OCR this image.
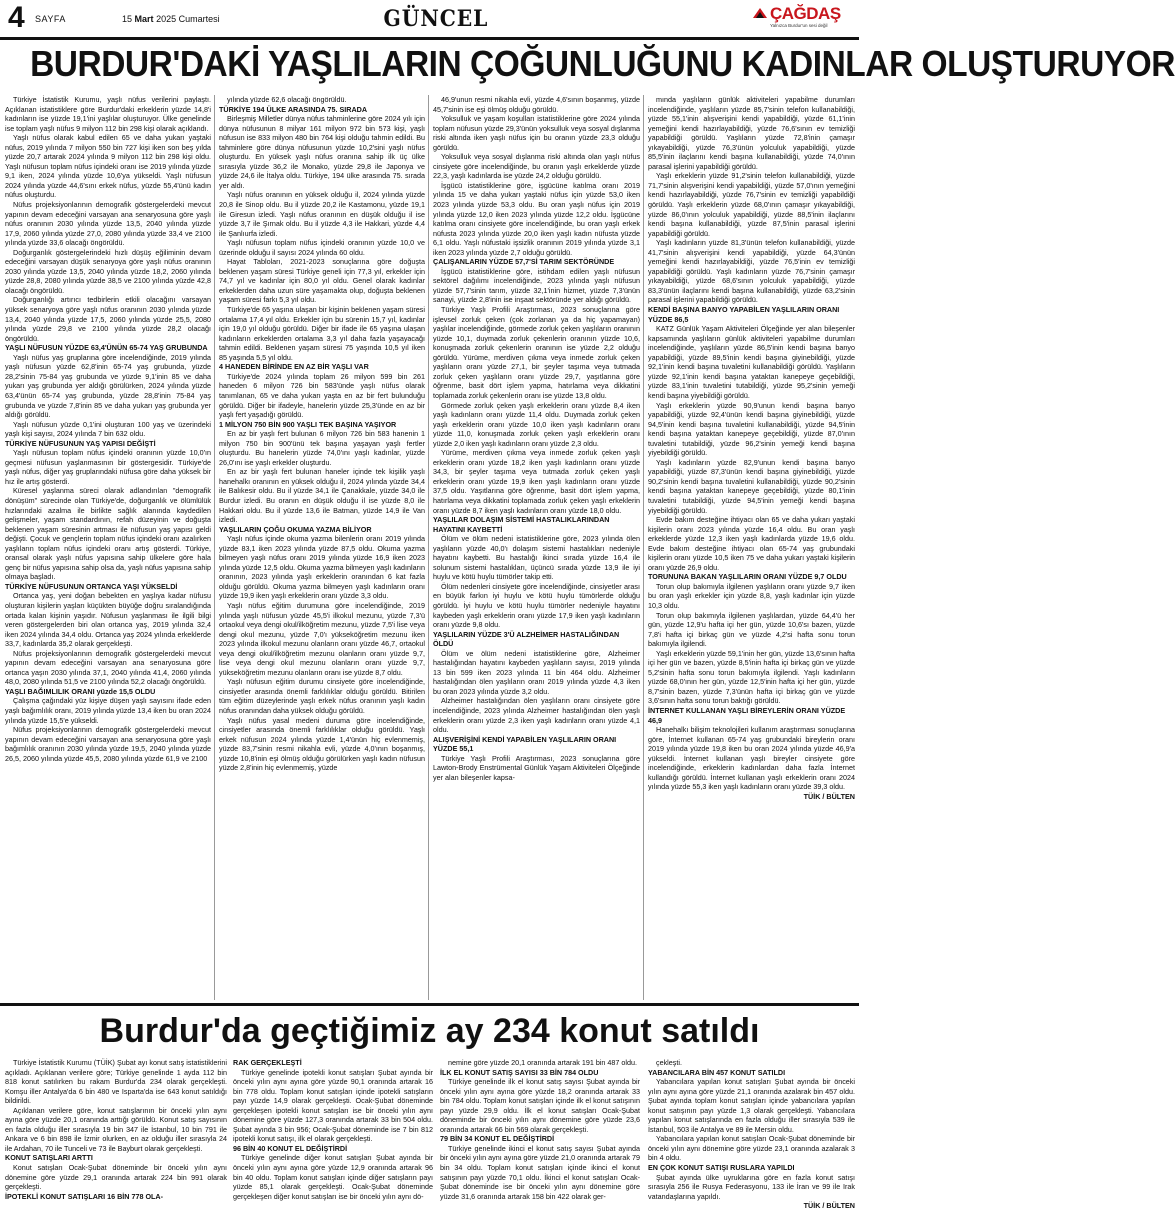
4 SAYFA	15 Mart 2025 Cumartesi	GÜNCEL	ÇAĞDAŞ
Yalnızca Burdur'un sesi değil
BURDUR'DAKİ YAŞLILARIN ÇOĞUNLUĞUNU KADINLAR OLUŞTURUYOR

Türkiye İstatistik Kurumu, yaşlı nüfus verilerini paylaştı. Açıklanan istatistiklere göre Burdur'daki erkeklerin yüzde 14,8'i kadınların ise yüzde 19,1'ini yaşlılar oluşturuyor. Ülke genelinde ise toplam yaşlı nüfus 9 milyon 112 bin 298 kişi olarak açıklandı.

Yaşlı nüfus olarak kabul edilen 65 ve daha yukarı yaştaki nüfus, 2019 yılında 7 milyon 550 bin 727 kişi iken son beş yılda yüzde 20,7 artarak 2024 yılında 9 milyon 112 bin 298 kişi oldu. Yaşlı nüfusun toplam nüfus içindeki oranı ise 2019 yılında yüzde 9,1 iken, 2024 yılında yüzde 10,6'ya yükseldi. Yaşlı nüfusun 2024 yılında yüzde 44,6'sını erkek nüfus, yüzde 55,4'ünü kadın nüfus oluşturdu.

Nüfus projeksiyonlarının demografik göstergelerdeki mevcut yapının devam edeceğini varsayan ana senaryosuna göre yaşlı nüfus oranının 2030 yılında yüzde 13,5, 2040 yılında yüzde 17,9, 2060 yılında yüzde 27,0, 2080 yılında yüzde 33,4 ve 2100 yılında yüzde 33,6 olacağı öngörüldü.

Doğurganlık göstergelerindeki hızlı düşüş eğiliminin devam edeceğini varsayan düşük senaryoya göre yaşlı nüfus oranının 2030 yılında yüzde 13,5, 2040 yılında yüzde 18,2, 2060 yılında yüzde 28,8, 2080 yılında yüzde 38,5 ve 2100 yılında yüzde 42,8 olacağı öngörüldü.

Doğurganlığı artırıcı tedbirlerin etkili olacağını varsayan yüksek senaryoya göre yaşlı nüfus oranının 2030 yılında yüzde 13,4, 2040 yılında yüzde 17,5, 2060 yılında yüzde 25,5, 2080 yılında yüzde 29,8 ve 2100 yılında yüzde 28,2 olacağı öngörüldü.

YAŞLI NÜFUSUN YÜZDE 63,4'ÜNÜN 65-74 YAŞ GRUBUNDA

Yaşlı nüfus yaş gruplarına göre incelendiğinde, 2019 yılında yaşlı nüfusun yüzde 62,8'inin 65-74 yaş grubunda, yüzde 28,2'sinin 75-84 yaş grubunda ve yüzde 9,1'inin 85 ve daha yukarı yaş grubunda yer aldığı görülürken, 2024 yılında yüzde 63,4'ünün 65-74 yaş grubunda, yüzde 28,8'inin 75-84 yaş grubunda ve yüzde 7,8'inin 85 ve daha yukarı yaş grubunda yer aldığı görüldü.

Yaşlı nüfusun yüzde 0,1'ini oluşturan 100 yaş ve üzerindeki yaşlı kişi sayısı, 2024 yılında 7 bin 632 oldu.

TÜRKİYE NÜFUSUNUN YAŞ YAPISI DEĞİŞTİ

Yaşlı nüfusun toplam nüfus içindeki oranının yüzde 10,0'ın geçmesi nüfusun yaşlanmasının bir göstergesidir. Türkiye'de yaşlı nüfus, diğer yaş gruplarındaki nüfusa göre daha yüksek bir hız ile artış gösterdi.

Küresel yaşlanma süreci olarak adlandırılan "demografik dönüşüm" sürecinde olan Türkiye'de, doğurganlık ve ölümlülük hızlarındaki azalma ile birlikte sağlık alanında kaydedilen gelişmeler, yaşam standardının, refah düzeyinin ve doğuşta beklenen yaşam süresinin artması ile nüfusun yaş yapısı geldi değişti. Çocuk ve gençlerin toplam nüfus içindeki oranı azalırken yaşlıların toplam nüfus içindeki oranı artış gösterdi. Türkiye, oransal olarak yaşlı nüfus yapısına sahip ülkelere göre hala genç bir nüfus yapısına sahip olsa da, yaşlı nüfus yapısına sahip olmaya başladı.

TÜRKİYE NÜFUSUNUN ORTANCA YAŞI YÜKSELDİ

Ortanca yaş, yeni doğan bebekten en yaşlıya kadar nüfusu oluşturan kişilerin yaşları küçükten büyüğe doğru sıralandığında ortada kalan kişinin yaşıdır. Nüfusun yaşlanması ile ilgili bilgi veren göstergelerden biri olan ortanca yaş, 2019 yılında 32,4 iken 2024 yılında 34,4 oldu. Ortanca yaş 2024 yılında erkeklerde 33,7, kadınlarda 35,2 olarak gerçekleşti.

Nüfus projeksiyonlarının demografik göstergelerdeki mevcut yapının devam edeceğini varsayan ana senaryosuna göre ortanca yaşın 2030 yılında 37,1, 2040 yılında 41,4, 2060 yılında 48,0, 2080 yılında 51,5 ve 2100 yılında 52,2 olacağı öngörüldü.

YAŞLI BAĞIMLILIK ORANI yüzde 15,5 OLDU

Çalışma çağındaki yüz kişiye düşen yaşlı sayısını ifade eden yaşlı bağımlılık oranı, 2019 yılında yüzde 13,4 iken bu oran 2024 yılında yüzde 15,5'e yükseldi.

Nüfus projeksiyonlarının demografik göstergelerdeki mevcut yapının devam edeceğini varsayan ana senaryosuna göre yaşlı bağımlılık oranının 2030 yılında yüzde 19,5, 2040 yılında yüzde 26,5, 2060 yılında yüzde 45,5, 2080 yılında yüzde 61,9 ve 2100

yılında yüzde 62,6 olacağı öngörüldü.

TÜRKİYE 194 ÜLKE ARASINDA 75. SIRADA

Birleşmiş Milletler dünya nüfus tahminlerine göre 2024 yılı için dünya nüfusunun 8 milyar 161 milyon 972 bin 573 kişi, yaşlı nüfusun ise 833 milyon 480 bin 764 kişi olduğu tahmin edildi. Bu tahminlere göre dünya nüfusunun yüzde 10,2'sini yaşlı nüfus oluşturdu. En yüksek yaşlı nüfus oranına sahip ilk üç ülke sırasıyla yüzde 36,2 ile Monako, yüzde 29,8 ile Japonya ve yüzde 24,6 ile İtalya oldu. Türkiye, 194 ülke arasında 75. sırada yer aldı.

Yaşlı nüfus oranının en yüksek olduğu il, 2024 yılında yüzde 20,8 ile Sinop oldu. Bu il yüzde 20,2 ile Kastamonu, yüzde 19,1 ile Giresun izledi. Yaşlı nüfus oranının en düşük olduğu il ise yüzde 3,7 ile Şırnak oldu. Bu il yüzde 4,3 ile Hakkari, yüzde 4,4 ile Şanlıurfa izledi.

Yaşlı nüfusun toplam nüfus içindeki oranının yüzde 10,0 ve üzerinde olduğu il sayısı 2024 yılında 60 oldu.

Hayat Tabloları, 2021-2023 sonuçlarına göre doğuşta beklenen yaşam süresi Türkiye geneli için 77,3 yıl, erkekler için 74,7 yıl ve kadınlar için 80,0 yıl oldu. Genel olarak kadınlar erkeklerden daha uzun süre yaşamakta olup, doğuşta beklenen yaşam süresi farkı 5,3 yıl oldu.

Türkiye'de 65 yaşına ulaşan bir kişinin beklenen yaşam süresi ortalama 17,4 yıl oldu. Erkekler için bu sürenin 15,7 yıl, kadınlar için 19,0 yıl olduğu görüldü. Diğer bir ifade ile 65 yaşına ulaşan kadınların erkeklerden ortalama 3,3 yıl daha fazla yaşayacağı tahmin edildi. Beklenen yaşam süresi 75 yaşında 10,5 yıl iken 85 yaşında 5,5 yıl oldu.

4 HANEDEN BİRİNDE EN AZ BİR YAŞLI VAR

Türkiye'de 2024 yılında toplam 26 milyon 599 bin 261 haneden 6 milyon 726 bin 583'ünde yaşlı nüfus olarak tanımlanan, 65 ve daha yukarı yaşta en az bir fert bulunduğu görüldü. Diğer bir ifadeyle, hanelerin yüzde 25,3'ünde en az bir yaşlı fert yaşadığı görüldü.

1 MİLYON 750 BİN 900 YAŞLI TEK BAŞINA YAŞIYOR

En az bir yaşlı fert bulunan 6 milyon 726 bin 583 hanenin 1 milyon 750 bin 900'ünü tek başına yaşayan yaşlı fertler oluşturdu. Bu hanelerin yüzde 74,0'ını yaşlı kadınlar, yüzde 26,0'ını ise yaşlı erkekler oluşturdu.

En az bir yaşlı fert bulunan haneler içinde tek kişilik yaşlı hanehalkı oranının en yüksek olduğu il, 2024 yılında yüzde 34,4 ile Balıkesir oldu. Bu il yüzde 34,1 ile Çanakkale, yüzde 34,0 ile Burdur izledi. Bu oranın en düşük olduğu il ise yüzde 8,0 ile Hakkari oldu. Bu il yüzde 13,6 ile Batman, yüzde 14,9 ile Van izledi.

YAŞLILARIN ÇOĞU OKUMA YAZMA BİLİYOR

Yaşlı nüfus içinde okuma yazma bilenlerin oranı 2019 yılında yüzde 83,1 iken 2023 yılında yüzde 87,5 oldu. Okuma yazma bilmeyen yaşlı nüfus oranı 2019 yılında yüzde 16,9 iken 2023 yılında yüzde 12,5 oldu. Okuma yazma bilmeyen yaşlı kadınların oranının, 2023 yılında yaşlı erkeklerin oranından 6 kat fazla olduğu görüldü. Okuma yazma bilmeyen yaşlı kadınların oranı yüzde 19,9 iken yaşlı erkeklerin oranı yüzde 3,3 oldu.

Yaşlı nüfus eğitim durumuna göre incelendiğinde, 2019 yılında yaşlı nüfusun yüzde 45,5'i ilkokul mezunu, yüzde 7,3'ü ortaokul veya dengi okul/ilköğretim mezunu, yüzde 7,5'i lise veya dengi okul mezunu, yüzde 7,0'ı yükseköğretim mezunu iken 2023 yılında ilkokul mezunu olanların oranı yüzde 46,7, ortaokul veya dengi okul/ilköğretim mezunu olanların oranı yüzde 9,7, lise veya dengi okul mezunu olanların oranı yüzde 9,7, yükseköğretim mezunu olanların oranı ise yüzde 8,7 oldu.

Yaşlı nüfusun eğitim durumu cinsiyete göre incelendiğinde, cinsiyetler arasında önemli farklılıklar olduğu görüldü. Bitirilen tüm eğitim düzeylerinde yaşlı erkek nüfus oranının yaşlı kadın nüfus oranından daha yüksek olduğu görüldü.

Yaşlı nüfus yasal medeni duruma göre incelendiğinde, cinsiyetler arasında önemli farklılıklar olduğu görüldü. Yaşlı erkek nüfusun 2024 yılında yüzde 1,4'ünün hiç evlenmemiş, yüzde 83,7'sinin resmi nikahla evli, yüzde 4,0'ının boşanmış, yüzde 10,8'inin eşi ölmüş olduğu görülürken yaşlı kadın nüfusun yüzde 2,8'inin hiç evlenmemiş, yüzde

46,9'unun resmi nikahla evli, yüzde 4,6'sının boşanmış, yüzde 45,7'sinin ise eşi ölmüş olduğu görüldü.

Yoksulluk ve yaşam koşulları istatistiklerine göre 2024 yılında toplam nüfusun yüzde 29,3'ünün yoksulluk veya sosyal dışlanma riski altında iken yaşlı nüfus için bu oranın yüzde 23,3 olduğu görüldü.

Yoksulluk veya sosyal dışlanma riski altında olan yaşlı nüfus cinsiyete göre incelendiğinde, bu oranın yaşlı erkeklerde yüzde 22,3, yaşlı kadınlarda ise yüzde 24,2 olduğu görüldü.

İşgücü istatistiklerine göre, işgücüne katılma oranı 2019 yılında 15 ve daha yukarı yaştaki nüfus için yüzde 53,0 iken 2023 yılında yüzde 53,3 oldu. Bu oran yaşlı nüfus için 2019 yılında yüzde 12,0 iken 2023 yılında yüzde 12,2 oldu. İşgücüne katılma oranı cinsiyete göre incelendiğinde, bu oran yaşlı erkek nüfusta 2023 yılında yüzde 20,0 iken yaşlı kadın nüfusta yüzde 6,1 oldu. Yaşlı nüfustaki işsizlik oranının 2019 yılında yüzde 3,1 iken 2023 yılında yüzde 2,7 olduğu görüldü.

ÇALIŞANLARIN YÜZDE 57,7'Sİ TARIM SEKTÖRÜNDE

İşgücü istatistiklerine göre, istihdam edilen yaşlı nüfusun sektörel dağılımı incelendiğinde, 2023 yılında yaşlı nüfusun yüzde 57,7'sinin tarım, yüzde 32,1'inin hizmet, yüzde 7,3'ünün sanayi, yüzde 2,8'inin ise inşaat sektöründe yer aldığı görüldü.

Türkiye Yaşlı Profili Araştırması, 2023 sonuçlarına göre işlevsel zorluk çeken (çok zorlanan ya da hiç yapamayan) yaşlılar incelendiğinde, görmede zorluk çeken yaşlıların oranının yüzde 10,1, duymada zorluk çekenlerin oranının yüzde 10,6, konuşmada zorluk çekenlerin oranının ise yüzde 2,2 olduğu görüldü. Yürüme, merdiven çıkma veya inmede zorluk çeken yaşlıların oranı yüzde 27,1, bir şeyler taşıma veya tutmada zorluk çeken yaşlıların oranı yüzde 29,7, yaşıtlarına göre öğrenme, basit dört işlem yapma, hatırlama veya dikkatini toplamada zorluk çekenlerin oranı ise yüzde 13,8 oldu.

Görmede zorluk çeken yaşlı erkeklerin oranı yüzde 8,4 iken yaşlı kadınların oranı yüzde 11,4 oldu. Duymada zorluk çeken yaşlı erkeklerin oranı yüzde 10,0 iken yaşlı kadınların oranı yüzde 11,0, konuşmada zorluk çeken yaşlı erkeklerin oranı yüzde 2,0 iken yaşlı kadınların oranı yüzde 2,3 oldu.

Yürüme, merdiven çıkma veya inmede zorluk çeken yaşlı erkeklerin oranı yüzde 18,2 iken yaşlı kadınların oranı yüzde 34,3, bir şeyler taşıma veya tutmada zorluk çeken yaşlı erkeklerin oranı yüzde 19,9 iken yaşlı kadınların oranı yüzde 37,5 oldu. Yaşıtlarına göre öğrenme, basit dört işlem yapma, hatırlama veya dikkatini toplamada zorluk çeken yaşlı erkeklerin oranı yüzde 8,7 iken yaşlı kadınların oranı yüzde 18,0 oldu.

YAŞLILAR DOLAŞIM SİSTEMİ HASTALIKLARINDAN HAYATINI KAYBETTİ

Ölüm ve ölüm nedeni istatistiklerine göre, 2023 yılında ölen yaşlıların yüzde 40,0'ı dolaşım sistemi hastalıkları nedeniyle hayatını kaybetti. Bu hastalığı ikinci sırada yüzde 16,4 ile solunum sistemi hastalıkları, üçüncü sırada yüzde 13,9 ile iyi huylu ve kötü huylu tümörler takip etti.

Ölüm nedenleri cinsiyete göre incelendiğinde, cinsiyetler arası en büyük farkın iyi huylu ve kötü huylu tümörlerde olduğu görüldü. İyi huylu ve kötü huylu tümörler nedeniyle hayatını kaybeden yaşlı erkeklerin oranı yüzde 17,9 iken yaşlı kadınların oranı yüzde 9,8 oldu.

YAŞLILARIN YÜZDE 3'Ü ALZHEİMER HASTALIĞINDAN ÖLDÜ

Ölüm ve ölüm nedeni istatistiklerine göre, Alzheimer hastalığından hayatını kaybeden yaşlıların sayısı, 2019 yılında 13 bin 599 iken 2023 yılında 11 bin 464 oldu. Alzheimer hastalığından ölen yaşlıların oranı 2019 yılında yüzde 4,3 iken bu oran 2023 yılında yüzde 3,2 oldu.

Alzheimer hastalığından ölen yaşlıların oranı cinsiyete göre incelendiğinde, 2023 yılında Alzheimer hastalığından ölen yaşlı erkeklerin oranı yüzde 2,3 iken yaşlı kadınların oranı yüzde 4,1 oldu.

ALIŞVERİŞİNİ KENDİ YAPABİLEN YAŞLILARIN ORANI YÜZDE 55,1

Türkiye Yaşlı Profili Araştırması, 2023 sonuçlarına göre Lawton-Brody Enstrümental Günlük Yaşam Aktiviteleri Ölçeğinde yer alan bileşenler kapsa-

mında yaşlıların günlük aktiviteleri yapabilme durumları incelendiğinde, yaşlıların yüzde 85,7'sinin telefon kullanabildiği, yüzde 55,1'inin alışverişini kendi yapabildiği, yüzde 61,1'inin yemeğini kendi hazırlayabildiği, yüzde 76,6'sının ev temizliği yapabildiği görüldü. Yaşlıların yüzde 72,8'inin çamaşır yıkayabildiği, yüzde 76,3'ünün yolculuk yapabildiği, yüzde 85,5'inin ilaçlarını kendi başına kullanabildiği, yüzde 74,0'ının parasal işlerini yapabildiği görüldü.

Yaşlı erkeklerin yüzde 91,2'sinin telefon kullanabildiği, yüzde 71,7'sinin alışverişini kendi yapabildiği, yüzde 57,0'ının yemeğini kendi hazırlayabildiği, yüzde 76,7'sinin ev temizliği yapabildiği görüldü. Yaşlı erkeklerin yüzde 68,0'ının çamaşır yıkayabildiği, yüzde 86,0'ının yolculuk yapabildiği, yüzde 88,5'inin ilaçlarını kendi başına kullanabildiği, yüzde 87,5'inin parasal işlerini yapabildiği görüldü.

Yaşlı kadınların yüzde 81,3'ünün telefon kullanabildiği, yüzde 41,7'sinin alışverişini kendi yapabildiği, yüzde 64,3'ünün yemeğini kendi hazırlayabildiği, yüzde 76,5'inin ev temizliği yapabildiği görüldü. Yaşlı kadınların yüzde 76,7'sinin çamaşır yıkayabildiği, yüzde 68,6'sının yolculuk yapabildiği, yüzde 83,3'ünün ilaçlarını kendi başına kullanabildiği, yüzde 63,2'sinin parasal işlerini yapabildiği görüldü.

KENDİ BAŞINA BANYO YAPABİLEN YAŞLILARIN ORANI YÜZDE 86,5

KATZ Günlük Yaşam Aktiviteleri Ölçeğinde yer alan bileşenler kapsamında yaşlıların günlük aktiviteleri yapabilme durumları incelendiğinde, yaşlıların yüzde 86,5'inin kendi başına banyo yapabildiği, yüzde 89,5'inin kendi başına giyinebildiği, yüzde 92,1'inin kendi başına tuvaletini kullanabildiği görüldü. Yaşlıların yüzde 92,1'inin kendi başına yataktan kanepeye geçebildiği, yüzde 83,1'inin tuvaletini tutabildiği, yüzde 95,2'sinin yemeği kendi başına yiyebildiği görüldü.

Yaşlı erkeklerin yüzde 90,9'unun kendi başına banyo yapabildiği, yüzde 92,4'ünün kendi başına giyinebildiği, yüzde 94,5'inin kendi başına tuvaletini kullanabildiği, yüzde 94,5'inin kendi başına yataktan kanepeye geçebildiği, yüzde 87,0'ının tuvaletini tutabildiği, yüzde 96,2'sinin yemeği kendi başına yiyebildiği görüldü.

Yaşlı kadınların yüzde 82,9'unun kendi başına banyo yapabildiği, yüzde 87,3'ünün kendi başına giyinebildiği, yüzde 90,2'sinin kendi başına tuvaletini kullanabildiği, yüzde 90,2'sinin kendi başına yataktan kanepeye geçebildiği, yüzde 80,1'inin tuvaletini tutabildiği, yüzde 94,5'inin yemeği kendi başına yiyebildiği görüldü.

Evde bakım desteğine ihtiyacı olan 65 ve daha yukarı yaştaki kişilerin oranı 2023 yılında yüzde 16,4 oldu. Bu oran yaşlı erkeklerde yüzde 12,3 iken yaşlı kadınlarda yüzde 19,6 oldu. Evde bakım desteğine ihtiyacı olan 65-74 yaş grubundaki kişilerin oranı yüzde 10,5 iken 75 ve daha yukarı yaştaki kişilerin oranı yüzde 26,9 oldu.

TORUNUNA BAKAN YAŞLILARIN ORANI YÜZDE 9,7 OLDU

Torun olup bakımıyla ilgilenen yaşlıların oranı yüzde 9,7 iken bu oran yaşlı erkekler için yüzde 8,8, yaşlı kadınlar için yüzde 10,3 oldu.

Torun olup bakımıyla ilgilenen yaşlılardan, yüzde 64,4'ü her gün, yüzde 12,9'u hafta içi her gün, yüzde 10,6'sı bazen, yüzde 7,8'i hafta içi birkaç gün ve yüzde 4,2'si hafta sonu torun bakımıyla ilgilendi.

Yaşlı erkeklerin yüzde 59,1'inin her gün, yüzde 13,6'sının hafta içi her gün ve bazen, yüzde 8,5'inin hafta içi birkaç gün ve yüzde 5,2'sinin hafta sonu torun bakımıyla ilgilendi. Yaşlı kadınların yüzde 68,0'ının her gün, yüzde 12,5'inin hafta içi her gün, yüzde 8,7'sinin bazen, yüzde 7,3'ünün hafta içi birkaç gün ve yüzde 3,6'sının hafta sonu torun baktığı görüldü.

İNTERNET KULLANAN YAŞLI BİREYLERİN ORANI YÜZDE 46,9

Hanehalkı bilişim teknolojileri kullanım araştırması sonuçlarına göre, İnternet kullanan 65-74 yaş grubundaki bireylerin oranı 2019 yılında yüzde 19,8 iken bu oran 2024 yılında yüzde 46,9'a yükseldi. İnternet kullanan yaşlı bireyler cinsiyete göre incelendiğinde, erkeklerin kadınlardan daha fazla İnternet kullandığı görüldü. İnternet kullanan yaşlı erkeklerin oranı 2024 yılında yüzde 55,3 iken yaşlı kadınların oranı yüzde 39,3 oldu.

TÜİK / BÜLTEN

Burdur'da geçtiğimiz ay 234 konut satıldı

Türkiye İstatistik Kurumu (TÜİK) Şubat ayı konut satış istatistiklerini açıkladı. Açıklanan verilere göre; Türkiye genelinde 1 ayda 112 bin 818 konut satılırken bu rakam Burdur'da 234 olarak gerçekleşti. Komşu iller Antalya'da 6 bin 480 ve Isparta'da ise 643 konut satıldığı bildirildi.

Açıklanan verilere göre, konut satışlarının bir önceki yılın aynı ayına göre yüzde 20,1 oranında arttığı görüldü. Konut satış sayısının en fazla olduğu iller sırasıyla 19 bin 347 ile İstanbul, 10 bin 791 ile Ankara ve 6 bin 898 ile İzmir olurken, en az olduğu iller sırasıyla 24 ile Ardahan, 70 ile Tunceli ve 73 ile Bayburt olarak gerçekleşti.

KONUT SATIŞLARI ARTTI

Konut satışları Ocak-Şubat döneminde bir önceki yılın aynı dönemine göre yüzde 29,1 oranında artarak 224 bin 991 olarak gerçekleşti.

İPOTEKLİ KONUT SATIŞLARI 16 BİN 778 OLA-
RAK GERÇEKLEŞTİ

Türkiye genelinde ipotekli konut satışları Şubat ayında bir önceki yılın aynı ayına göre yüzde 90,1 oranında artarak 16 bin 778 oldu. Toplam konut satışları içinde ipotekli satışların payı yüzde 14,9 olarak gerçekleşti. Ocak-Şubat döneminde gerçekleşen ipotekli konut satışları ise bir önceki yılın aynı dönemine göre yüzde 127,3 oranında artarak 33 bin 504 oldu. Şubat ayında 3 bin 956; Ocak-Şubat döneminde ise 7 bin 812 ipotekli konut satışı, ilk el olarak gerçekleşti.

96 BİN 40 KONUT EL DEĞİŞTİRDİ

Türkiye genelinde diğer konut satışları Şubat ayında bir önceki yılın aynı ayına göre yüzde 12,9 oranında artarak 96 bin 40 oldu. Toplam konut satışları içinde diğer satışların payı yüzde 85,1 olarak gerçekleşti. Ocak-Şubat döneminde gerçekleşen diğer konut satışları ise bir önceki yılın aynı dö-

nemine göre yüzde 20,1 oranında artarak 191 bin 487 oldu.

İLK EL KONUT SATIŞ SAYISI 33 BİN 784 OLDU

Türkiye genelinde ilk el konut satış sayısı Şubat ayında bir önceki yılın aynı ayına göre yüzde 18,2 oranında artarak 33 bin 784 oldu. Toplam konut satışları içinde ilk el konut satışının payı yüzde 29,9 oldu. İlk el konut satışları Ocak-Şubat döneminde bir önceki yılın aynı dönemine göre yüzde 23,6 oranında artarak 66 bin 569 olarak gerçekleşti.

79 BİN 34 KONUT EL DEĞİŞTİRDİ

Türkiye genelinde ikinci el konut satış sayısı Şubat ayında bir önceki yılın aynı ayına göre yüzde 21,0 oranında artarak 79 bin 34 oldu. Toplam konut satışları içinde ikinci el konut satışının payı yüzde 70,1 oldu. İkinci el konut satışları Ocak-Şubat döneminde ise bir önceki yılın aynı dönemine göre yüzde 31,6 oranında artarak 158 bin 422 olarak ger-

çekleşti.

YABANCILARA BİN 457 KONUT SATILDI

Yabancılara yapılan konut satışları Şubat ayında bir önceki yılın aynı ayına göre yüzde 21,1 oranında azalarak bin 457 oldu. Şubat ayında toplam konut satışları içinde yabancılara yapılan konut satışının payı yüzde 1,3 olarak gerçekleşti. Yabancılara yapılan konut satışlarında en fazla olduğu iller sırasıyla 539 ile İstanbul, 503 ile Antalya ve 89 ile Mersin oldu.

Yabancılara yapılan konut satışları Ocak-Şubat döneminde bir önceki yılın aynı dönemine göre yüzde 23,1 oranında azalarak 3 bin 4 oldu.

EN ÇOK KONUT SATIŞI RUSLARA YAPILDI

Şubat ayında ülke uyruklarına göre en fazla konut satışı sırasıyla 256 ile Rusya Federasyonu, 133 ile İran ve 99 ile Irak vatandaşlarına yapıldı.

TÜİK / BÜLTEN
